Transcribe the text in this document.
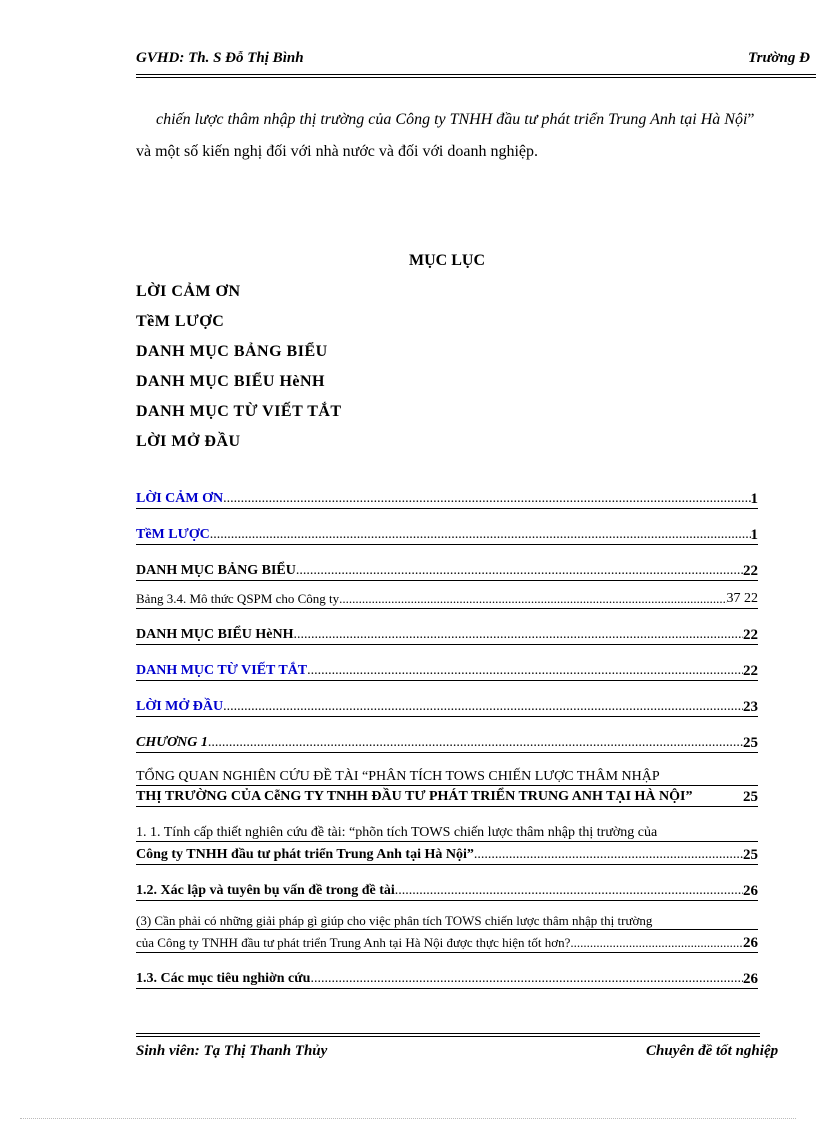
GVHD: Th. S Đỗ Thị Bình	Trường Đ
chiến lược thâm nhập thị trường của Công ty TNHH đầu tư phát triển Trung Anh tại Hà Nội” và một số kiến nghị đối với nhà nước và đối với doanh nghiệp.
MỤC LỤC
LỜI CẢM ƠN
TềM LƯỢC
DANH MỤC BẢNG BIỂU
DANH MỤC BIỂU HèNH
DANH MỤC TỪ VIẾT TẮT
LỜI MỞ ĐẦU
LỜI CẢM ƠN .....	1
TềM LƯỢC .....	1
DANH MỤC BẢNG BIỂU .....	22
Bảng 3.4. Mô thức QSPM cho Công ty .....	37 22
DANH MỤC BIỂU HèNH .....	22
DANH MỤC TỪ VIẾT TẮT .....	22
LỜI MỞ ĐẦU .....	23
CHƯƠNG 1 .....	25
TỔNG QUAN NGHIÊN CỨU ĐỀ TÀI “PHÂN TÍCH TOWS CHIẾN LƯỢC THÂM NHẬP
THỊ TRƯỜNG CỦA CễNG TY TNHH ĐẦU TƯ PHÁT TRIỂN TRUNG ANH TẠI HÀ NỘI”	25
1. 1. Tính cấp thiết nghiên cứu đề tài: “phõn tích TOWS chiến lược thâm nhập thị trường của
Công ty TNHH đầu tư phát triển Trung Anh tại Hà Nội” .....	25
1.2. Xác lập và tuyên bụ vấn đề trong đề tài .....	26
(3) Cần phải có những giải pháp gì giúp cho việc phân tích TOWS chiến lược thâm nhập thị trường
của Công ty TNHH đầu tư phát triển Trung Anh tại Hà Nội được thực hiện tốt hơn? .....	26
1.3. Các mục tiêu nghiờn cứu .....	26
Sinh viên: Tạ Thị Thanh Thủy	Chuyên đề tốt nghiệp
